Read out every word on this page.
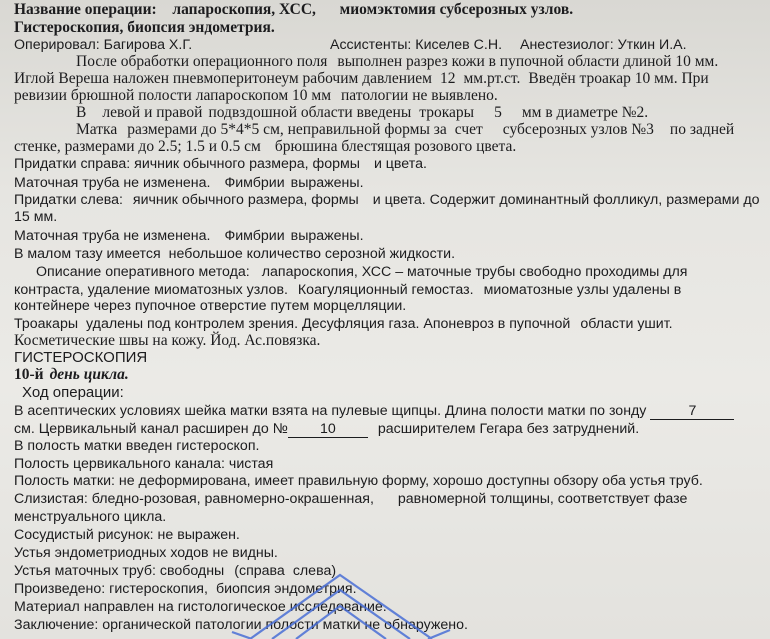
Название операции: лапароскопия, ХСС, миомэктомия субсерозных узлов.
Гистероскопия, биопсия эндометрия.
Оперировал: Багирова Х.Г.	Ассистенты: Киселев С.Н. Анестезиолог: Уткин И.А.
После обработки операционного поля выполнен разрез кожи в пупочной области длиной 10 мм.
Иглой Вереша наложен пневмоперитонеум рабочим давлением 12 мм.рт.ст. Введён троакар 10 мм. При
ревизии брюшной полости лапароскопом 10 мм патологии не выявлено.
В левой и правой подвздошной области введены трокары 5 мм в диаметре №2.
Матка размерами до 5*4*5 см, неправильной формы за счет субсерозных узлов №3 по задней
стенке, размерами до 2.5; 1.5 и 0.5 см брюшина блестящая розового цвета.
Придатки справа: яичник обычного размера, формы и цвета.
Маточная труба не изменена. Фимбрии выражены.
Придатки слева: яичник обычного размера, формы и цвета. Содержит доминантный фолликул, размерами до
15 мм.
Маточная труба не изменена. Фимбрии выражены.
В малом тазу имеется небольшое количество серозной жидкости.
Описание оперативного метода: лапароскопия, ХСС – маточные трубы свободно проходимы для
контраста, удаление миоматозных узлов. Коагуляционный гемостаз. миоматозные узлы удалены в
контейнере через пупочное отверстие путем морцелляции.
Троакары удалены под контролем зрения. Десуфляция газа. Апоневроз в пупочной области ушит.
Косметические швы на кожу. Йод. Ас.повязка.
ГИСТЕРОСКОПИЯ
10-й день цикла.
Ход операции:
В асептических условиях шейка матки взята на пулевые щипцы. Длина полости матки по зонду	7
см. Цервикальный канал расширен до № 10	расширителем Гегара без затруднений.
В полость матки введен гистероскоп.
Полость цервикального канала: чистая
Полость матки: не деформирована, имеет правильную форму, хорошо доступны обзору оба устья труб.
Слизистая: бледно-розовая, равномерно-окрашенная, равномерной толщины, соответствует фазе
менструального цикла.
Сосудистый рисунок: не выражен.
Устья эндометриодных ходов не видны.
Устья маточных труб: свободны (справа слева)
Произведено: гистероскопия, биопсия эндометрия.
Материал направлен на гистологическое исследование.
Заключение: органической патологии полости матки не обнаружено.
